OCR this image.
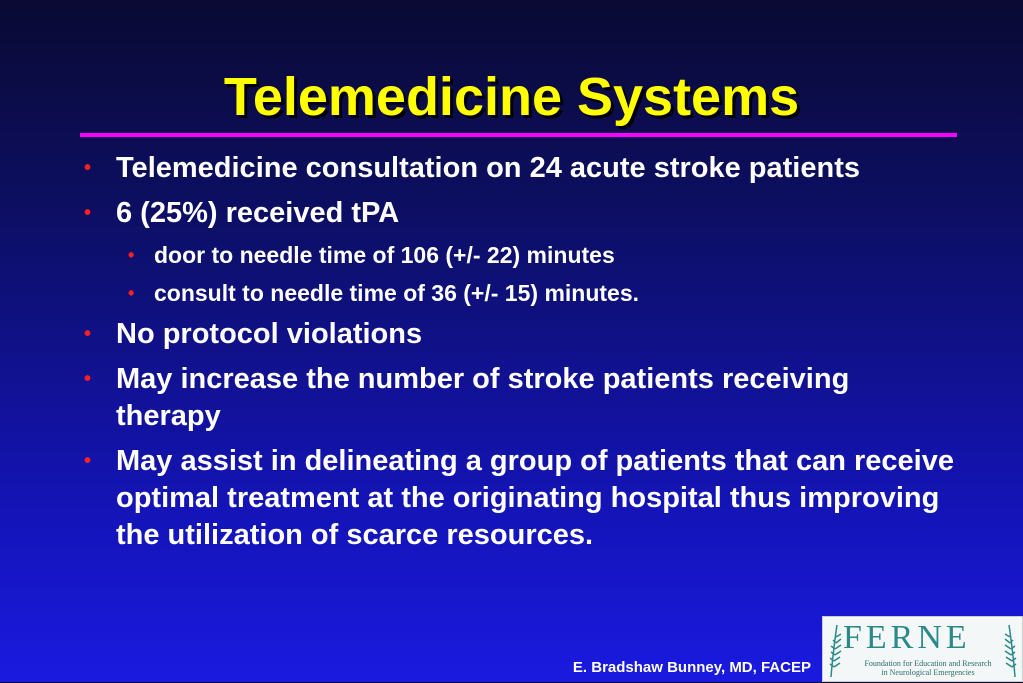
Telemedicine Systems
• Telemedicine consultation on 24 acute stroke patients
• 6 (25%) received tPA
• door to needle time of 106 (+/- 22) minutes
• consult to needle time of 36 (+/- 15) minutes.
• No protocol violations
• May increase the number of stroke patients receiving therapy
• May assist in delineating a group of patients that can receive optimal treatment at the originating hospital thus improving the utilization of scarce resources.
E. Bradshaw Bunney, MD, FACEP
FERNE
Foundation for Education and Research in Neurological Emergencies
